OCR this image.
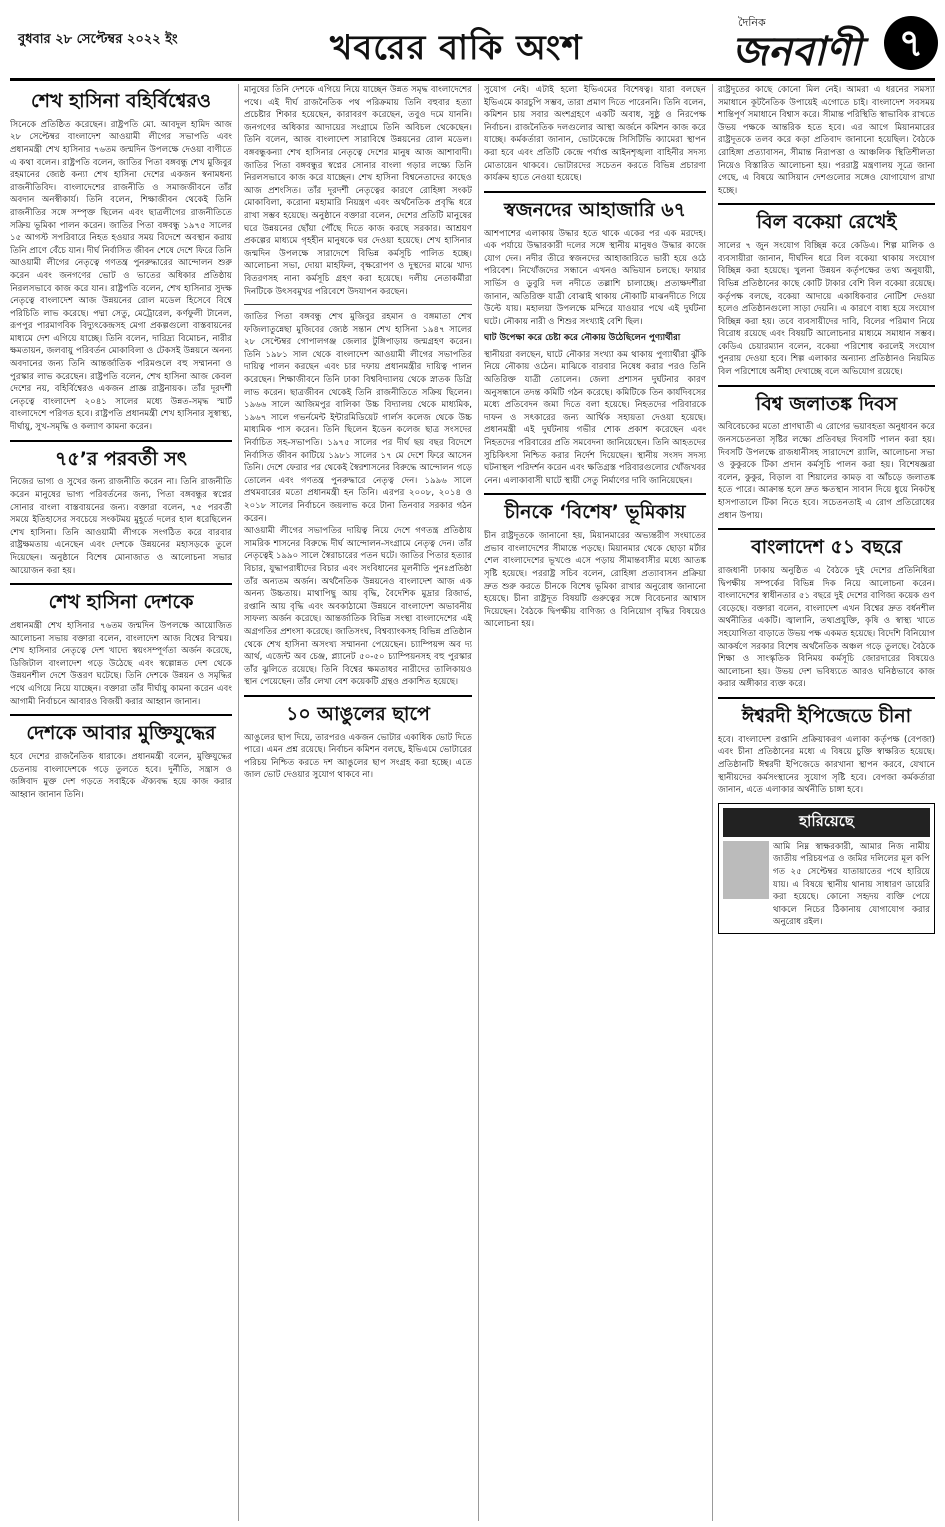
বুধবার ২৮ সেপ্টেম্বর ২০২২ ইং	খবরের বাকি অংশ
দৈনিক
জনবাণী ৭
শেখ হাসিনা বহির্বিশ্বেরও

সিনেকে প্রতিষ্ঠিত করেছেন। রাষ্ট্রপতি মো. আবদুল হামিদ আজ ২৮ সেপ্টেম্বর বাংলাদেশ আওয়ামী লীগের সভাপতি এবং প্রধানমন্ত্রী শেখ হাসিনার ৭৬তম জন্মদিন উপলক্ষে দেওয়া বাণীতে এ কথা বলেন। রাষ্ট্রপতি বলেন, জাতির পিতা বঙ্গবন্ধু শেখ মুজিবুর রহমানের জ্যেষ্ঠ কন্যা শেখ হাসিনা দেশের একজন স্বনামধন্য রাজনীতিবিদ। বাংলাদেশের রাজনীতি ও সমাজজীবনে তাঁর অবদান অনস্বীকার্য। তিনি বলেন, শিক্ষাজীবন থেকেই তিনি রাজনীতির সঙ্গে সম্পৃক্ত ছিলেন এবং ছাত্রলীগের রাজনীতিতে সক্রিয় ভূমিকা পালন করেন। জাতির পিতা বঙ্গবন্ধু ১৯৭৫ সালের ১৫ আগস্ট সপরিবারে নিহত হওয়ার সময় বিদেশে অবস্থান করায় তিনি প্রাণে বেঁচে যান। দীর্ঘ নির্বাসিত জীবন শেষে দেশে ফিরে তিনি আওয়ামী লীগের নেতৃত্বে গণতন্ত্র পুনরুদ্ধারের আন্দোলন শুরু করেন এবং জনগণের ভোট ও ভাতের অধিকার প্রতিষ্ঠায় নিরলসভাবে কাজ করে যান। রাষ্ট্রপতি বলেন, শেখ হাসিনার সুদক্ষ নেতৃত্বে বাংলাদেশ আজ উন্নয়নের রোল মডেল হিসেবে বিশ্বে পরিচিতি লাভ করেছে। পদ্মা সেতু, মেট্রোরেল, কর্ণফুলী টানেল, রূপপুর পারমাণবিক বিদ্যুৎকেন্দ্রসহ মেগা প্রকল্পগুলো বাস্তবায়নের মাধ্যমে দেশ এগিয়ে যাচ্ছে। তিনি বলেন, দারিদ্র্য বিমোচন, নারীর ক্ষমতায়ন, জলবায়ু পরিবর্তন মোকাবিলা ও টেকসই উন্নয়নে অনন্য অবদানের জন্য তিনি আন্তর্জাতিক পরিমণ্ডলে বহু সম্মাননা ও পুরস্কার লাভ করেছেন। রাষ্ট্রপতি বলেন, শেখ হাসিনা আজ কেবল দেশের নয়, বহির্বিশ্বেরও একজন প্রাজ্ঞ রাষ্ট্রনায়ক। তাঁর দূরদর্শী নেতৃত্বে বাংলাদেশ ২০৪১ সালের মধ্যে উন্নত-সমৃদ্ধ স্মার্ট বাংলাদেশে পরিণত হবে। রাষ্ট্রপতি প্রধানমন্ত্রী শেখ হাসিনার সুস্বাস্থ্য, দীর্ঘায়ু, সুখ-সমৃদ্ধি ও কল্যাণ কামনা করেন।

৭৫’র পরবর্তী সৎ

নিজের ভাগ্য ও সুখের জন্য রাজনীতি করেন না। তিনি রাজনীতি করেন মানুষের ভাগ্য পরিবর্তনের জন্য, পিতা বঙ্গবন্ধুর স্বপ্নের সোনার বাংলা বাস্তবায়নের জন্য। বক্তারা বলেন, ৭৫ পরবর্তী সময়ে ইতিহাসের সবচেয়ে সংকটময় মুহূর্তে দলের হাল ধরেছিলেন শেখ হাসিনা। তিনি আওয়ামী লীগকে সংগঠিত করে বারবার রাষ্ট্রক্ষমতায় এনেছেন এবং দেশকে উন্নয়নের মহাসড়কে তুলে দিয়েছেন। অনুষ্ঠানে বিশেষ মোনাজাত ও আলোচনা সভার আয়োজন করা হয়।

শেখ হাসিনা দেশকে

প্রধানমন্ত্রী শেখ হাসিনার ৭৬তম জন্মদিন উপলক্ষে আয়োজিত আলোচনা সভায় বক্তারা বলেন, বাংলাদেশ আজ বিশ্বের বিস্ময়। শেখ হাসিনার নেতৃত্বে দেশ খাদ্যে স্বয়ংসম্পূর্ণতা অর্জন করেছে, ডিজিটাল বাংলাদেশ গড়ে উঠেছে এবং স্বল্পোন্নত দেশ থেকে উন্নয়নশীল দেশে উত্তরণ ঘটেছে। তিনি দেশকে উন্নয়ন ও সমৃদ্ধির পথে এগিয়ে নিয়ে যাচ্ছেন। বক্তারা তাঁর দীর্ঘায়ু কামনা করেন এবং আগামী নির্বাচনে আবারও বিজয়ী করার আহ্বান জানান।

দেশকে আবার মুক্তিযুদ্ধের

হবে দেশের রাজনৈতিক ধারাকে। প্রধানমন্ত্রী বলেন, মুক্তিযুদ্ধের চেতনায় বাংলাদেশকে গড়ে তুলতে হবে। দুর্নীতি, সন্ত্রাস ও জঙ্গিবাদ মুক্ত দেশ গড়তে সবাইকে ঐক্যবদ্ধ হয়ে কাজ করার আহ্বান জানান তিনি।

মানুষের তিনি দেশকে এগিয়ে নিয়ে যাচ্ছেন উন্নত সমৃদ্ধ বাংলাদেশের পথে। এই দীর্ঘ রাজনৈতিক পথ পরিক্রমায় তিনি বহুবার হত্যা প্রচেষ্টার শিকার হয়েছেন, কারাবরণ করেছেন, তবুও দমে যাননি। জনগণের অধিকার আদায়ের সংগ্রামে তিনি অবিচল থেকেছেন। তিনি বলেন, আজ বাংলাদেশ সারাবিশ্বে উন্নয়নের রোল মডেল। বঙ্গবন্ধুকন্যা শেখ হাসিনার নেতৃত্বে দেশের মানুষ আজ আশাবাদী। জাতির পিতা বঙ্গবন্ধুর স্বপ্নের সোনার বাংলা গড়ার লক্ষ্যে তিনি নিরলসভাবে কাজ করে যাচ্ছেন। শেখ হাসিনা বিশ্বনেতাদের কাছেও আজ প্রশংসিত। তাঁর দূরদর্শী নেতৃত্বের কারণে রোহিঙ্গা সংকট মোকাবিলা, করোনা মহামারি নিয়ন্ত্রণ এবং অর্থনৈতিক প্রবৃদ্ধি ধরে রাখা সম্ভব হয়েছে। অনুষ্ঠানে বক্তারা বলেন, দেশের প্রতিটি মানুষের ঘরে উন্নয়নের ছোঁয়া পৌঁছে দিতে কাজ করছে সরকার। আশ্রয়ণ প্রকল্পের মাধ্যমে গৃহহীন মানুষকে ঘর দেওয়া হয়েছে। শেখ হাসিনার জন্মদিন উপলক্ষে সারাদেশে বিভিন্ন কর্মসূচি পালিত হচ্ছে। আলোচনা সভা, দোয়া মাহফিল, বৃক্ষরোপণ ও দুস্থদের মাঝে খাদ্য বিতরণসহ নানা কর্মসূচি গ্রহণ করা হয়েছে। দলীয় নেতাকর্মীরা দিনটিকে উৎসবমুখর পরিবেশে উদযাপন করছেন।

জাতির পিতা বঙ্গবন্ধু শেখ মুজিবুর রহমান ও বঙ্গমাতা শেখ ফজিলাতুন্নেছা মুজিবের জ্যেষ্ঠ সন্তান শেখ হাসিনা ১৯৪৭ সালের ২৮ সেপ্টেম্বর গোপালগঞ্জ জেলার টুঙ্গিপাড়ায় জন্মগ্রহণ করেন। তিনি ১৯৮১ সাল থেকে বাংলাদেশ আওয়ামী লীগের সভাপতির দায়িত্ব পালন করছেন এবং চার দফায় প্রধানমন্ত্রীর দায়িত্ব পালন করেছেন। শিক্ষাজীবনে তিনি ঢাকা বিশ্ববিদ্যালয় থেকে স্নাতক ডিগ্রি লাভ করেন। ছাত্রজীবন থেকেই তিনি রাজনীতিতে সক্রিয় ছিলেন। ১৯৬৬ সালে আজিমপুর বালিকা উচ্চ বিদ্যালয় থেকে মাধ্যমিক, ১৯৬৭ সালে গভর্নমেন্ট ইন্টারমিডিয়েট গার্লস কলেজ থেকে উচ্চ মাধ্যমিক পাস করেন। তিনি ছিলেন ইডেন কলেজ ছাত্র সংসদের নির্বাচিত সহ-সভাপতি। ১৯৭৫ সালের পর দীর্ঘ ছয় বছর বিদেশে নির্বাসিত জীবন কাটিয়ে ১৯৮১ সালের ১৭ মে দেশে ফিরে আসেন তিনি। দেশে ফেরার পর থেকেই স্বৈরশাসনের বিরুদ্ধে আন্দোলন গড়ে তোলেন এবং গণতন্ত্র পুনরুদ্ধারে নেতৃত্ব দেন। ১৯৯৬ সালে প্রথমবারের মতো প্রধানমন্ত্রী হন তিনি। এরপর ২০০৮, ২০১৪ ও ২০১৮ সালের নির্বাচনে জয়লাভ করে টানা তিনবার সরকার গঠন করেন।

আওয়ামী লীগের সভাপতির দায়িত্ব নিয়ে দেশে গণতন্ত্র প্রতিষ্ঠায় সামরিক শাসনের বিরুদ্ধে দীর্ঘ আন্দোলন-সংগ্রামে নেতৃত্ব দেন। তাঁর নেতৃত্বেই ১৯৯০ সালে স্বৈরাচারের পতন ঘটে। জাতির পিতার হত্যার বিচার, যুদ্ধাপরাধীদের বিচার এবং সংবিধানের মূলনীতি পুনঃপ্রতিষ্ঠা তাঁর অন্যতম অর্জন। অর্থনৈতিক উন্নয়নেও বাংলাদেশ আজ এক অনন্য উচ্চতায়। মাথাপিছু আয় বৃদ্ধি, বৈদেশিক মুদ্রার রিজার্ভ, রপ্তানি আয় বৃদ্ধি এবং অবকাঠামো উন্নয়নে বাংলাদেশ অভাবনীয় সাফল্য অর্জন করেছে। আন্তর্জাতিক বিভিন্ন সংস্থা বাংলাদেশের এই অগ্রগতির প্রশংসা করেছে। জাতিসংঘ, বিশ্বব্যাংকসহ বিভিন্ন প্রতিষ্ঠান থেকে শেখ হাসিনা অসংখ্য সম্মাননা পেয়েছেন। চ্যাম্পিয়ন্স অব দ্য আর্থ, এজেন্ট অব চেঞ্জ, প্ল্যানেট ৫০-৫০ চ্যাম্পিয়নসহ বহু পুরস্কার তাঁর ঝুলিতে রয়েছে। তিনি বিশ্বের ক্ষমতাধর নারীদের তালিকায়ও স্থান পেয়েছেন। তাঁর লেখা বেশ কয়েকটি গ্রন্থও প্রকাশিত হয়েছে।

১০ আঙুলের ছাপে

আঙুলের ছাপ দিয়ে, তারপরও একজন ভোটার একাধিক ভোট দিতে পারে। এমন প্রশ্ন রয়েছে। নির্বাচন কমিশন বলছে, ইভিএমে ভোটারের পরিচয় নিশ্চিত করতে দশ আঙুলের ছাপ সংগ্রহ করা হচ্ছে। এতে জাল ভোট দেওয়ার সুযোগ থাকবে না।

সুযোগ নেই। এটাই হলো ইভিএমের বিশেষত্ব। যারা বলছেন ইভিএমে কারচুপি সম্ভব, তারা প্রমাণ দিতে পারেননি। তিনি বলেন, কমিশন চায় সবার অংশগ্রহণে একটি অবাধ, সুষ্ঠু ও নিরপেক্ষ নির্বাচন। রাজনৈতিক দলগুলোর আস্থা অর্জনে কমিশন কাজ করে যাচ্ছে। কর্মকর্তারা জানান, ভোটকেন্দ্রে সিসিটিভি ক্যামেরা স্থাপন করা হবে এবং প্রতিটি কেন্দ্রে পর্যাপ্ত আইনশৃঙ্খলা বাহিনীর সদস্য মোতায়েন থাকবে। ভোটারদের সচেতন করতে বিভিন্ন প্রচারণা কার্যক্রম হাতে নেওয়া হয়েছে।

স্বজনদের আহাজারি ৬৭

আশপাশের এলাকায় উদ্ধার হতে থাকে একের পর এক মরদেহ। এক পর্যায়ে উদ্ধারকারী দলের সঙ্গে স্থানীয় মানুষও উদ্ধার কাজে যোগ দেন। নদীর তীরে স্বজনদের আহাজারিতে ভারী হয়ে ওঠে পরিবেশ। নিখোঁজদের সন্ধানে এখনও অভিযান চলছে। ফায়ার সার্ভিস ও ডুবুরি দল নদীতে তল্লাশি চালাচ্ছে। প্রত্যক্ষদর্শীরা জানান, অতিরিক্ত যাত্রী বোঝাই থাকায় নৌকাটি মাঝনদীতে গিয়ে উল্টে যায়। মহালয়া উপলক্ষে মন্দিরে যাওয়ার পথে এই দুর্ঘটনা ঘটে। নৌকায় নারী ও শিশুর সংখ্যাই বেশি ছিল।

ঘাট উপেক্ষা করে চেষ্টা করে নৌকায় উঠেছিলেন পুণ্যার্থীরা

স্থানীয়রা বলছেন, ঘাটে নৌকার সংখ্যা কম থাকায় পুণ্যার্থীরা ঝুঁকি নিয়ে নৌকায় ওঠেন। মাঝিকে বারবার নিষেধ করার পরও তিনি অতিরিক্ত যাত্রী তোলেন। জেলা প্রশাসন দুর্ঘটনার কারণ অনুসন্ধানে তদন্ত কমিটি গঠন করেছে। কমিটিকে তিন কার্যদিবসের মধ্যে প্রতিবেদন জমা দিতে বলা হয়েছে। নিহতদের পরিবারকে দাফন ও সৎকারের জন্য আর্থিক সহায়তা দেওয়া হয়েছে। প্রধানমন্ত্রী এই দুর্ঘটনায় গভীর শোক প্রকাশ করেছেন এবং নিহতদের পরিবারের প্রতি সমবেদনা জানিয়েছেন। তিনি আহতদের সুচিকিৎসা নিশ্চিত করার নির্দেশ দিয়েছেন। স্থানীয় সংসদ সদস্য ঘটনাস্থল পরিদর্শন করেন এবং ক্ষতিগ্রস্ত পরিবারগুলোর খোঁজখবর নেন। এলাকাবাসী ঘাটে স্থায়ী সেতু নির্মাণের দাবি জানিয়েছেন।

চীনকে ‘বিশেষ’ ভূমিকায়

চীন রাষ্ট্রদূতকে জানানো হয়, মিয়ানমারের অভ্যন্তরীণ সংঘাতের প্রভাব বাংলাদেশের সীমান্তে পড়ছে। মিয়ানমার থেকে ছোড়া মর্টার শেল বাংলাদেশের ভূখণ্ডে এসে পড়ায় সীমান্তবাসীর মধ্যে আতঙ্ক সৃষ্টি হয়েছে। পররাষ্ট্র সচিব বলেন, রোহিঙ্গা প্রত্যাবাসন প্রক্রিয়া দ্রুত শুরু করতে চীনকে বিশেষ ভূমিকা রাখার অনুরোধ জানানো হয়েছে। চীনা রাষ্ট্রদূত বিষয়টি গুরুত্বের সঙ্গে বিবেচনার আশ্বাস দিয়েছেন। বৈঠকে দ্বিপক্ষীয় বাণিজ্য ও বিনিয়োগ বৃদ্ধির বিষয়েও আলোচনা হয়।

রাষ্ট্রদূতের কাছে কোনো মিল নেই। আমরা এ ধরনের সমস্যা সমাধানে কূটনৈতিক উপায়েই এগোতে চাই। বাংলাদেশ সবসময় শান্তিপূর্ণ সমাধানে বিশ্বাস করে। সীমান্ত পরিস্থিতি স্বাভাবিক রাখতে উভয় পক্ষকে আন্তরিক হতে হবে। এর আগে মিয়ানমারের রাষ্ট্রদূতকে তলব করে কড়া প্রতিবাদ জানানো হয়েছিল। বৈঠকে রোহিঙ্গা প্রত্যাবাসন, সীমান্ত নিরাপত্তা ও আঞ্চলিক স্থিতিশীলতা নিয়েও বিস্তারিত আলোচনা হয়। পররাষ্ট্র মন্ত্রণালয় সূত্রে জানা গেছে, এ বিষয়ে আসিয়ান দেশগুলোর সঙ্গেও যোগাযোগ রাখা হচ্ছে।

বিল বকেয়া রেখেই

সালের ৭ জুন সংযোগ বিচ্ছিন্ন করে কেডিএ। শিল্প মালিক ও ব্যবসায়ীরা জানান, দীর্ঘদিন ধরে বিল বকেয়া থাকায় সংযোগ বিচ্ছিন্ন করা হয়েছে। খুলনা উন্নয়ন কর্তৃপক্ষের তথ্য অনুযায়ী, বিভিন্ন প্রতিষ্ঠানের কাছে কোটি টাকার বেশি বিল বকেয়া রয়েছে। কর্তৃপক্ষ বলছে, বকেয়া আদায়ে একাধিকবার নোটিশ দেওয়া হলেও প্রতিষ্ঠানগুলো সাড়া দেয়নি। এ কারণে বাধ্য হয়ে সংযোগ বিচ্ছিন্ন করা হয়। তবে ব্যবসায়ীদের দাবি, বিলের পরিমাণ নিয়ে বিরোধ রয়েছে এবং বিষয়টি আলোচনার মাধ্যমে সমাধান সম্ভব। কেডিএ চেয়ারম্যান বলেন, বকেয়া পরিশোধ করলেই সংযোগ পুনরায় দেওয়া হবে। শিল্প এলাকার অন্যান্য প্রতিষ্ঠানও নিয়মিত বিল পরিশোধে অনীহা দেখাচ্ছে বলে অভিযোগ রয়েছে।

বিশ্ব জলাতঙ্ক দিবস

অবিবেচকের মতো প্রাণঘাতী এ রোগের ভয়াবহতা অনুধাবন করে জনসচেতনতা সৃষ্টির লক্ষ্যে প্রতিবছর দিবসটি পালন করা হয়। দিবসটি উপলক্ষে রাজধানীসহ সারাদেশে র‌্যালি, আলোচনা সভা ও কুকুরকে টিকা প্রদান কর্মসূচি পালন করা হয়। বিশেষজ্ঞরা বলেন, কুকুর, বিড়াল বা শিয়ালের কামড় বা আঁচড়ে জলাতঙ্ক হতে পারে। আক্রান্ত হলে দ্রুত ক্ষতস্থান সাবান দিয়ে ধুয়ে নিকটস্থ হাসপাতালে টিকা নিতে হবে। সচেতনতাই এ রোগ প্রতিরোধের প্রধান উপায়।

বাংলাদেশ ৫১ বছরে

রাজধানী ঢাকায় অনুষ্ঠিত এ বৈঠকে দুই দেশের প্রতিনিধিরা দ্বিপক্ষীয় সম্পর্কের বিভিন্ন দিক নিয়ে আলোচনা করেন। বাংলাদেশের স্বাধীনতার ৫১ বছরে দুই দেশের বাণিজ্য কয়েক গুণ বেড়েছে। বক্তারা বলেন, বাংলাদেশ এখন বিশ্বের দ্রুত বর্ধনশীল অর্থনীতির একটি। জ্বালানি, তথ্যপ্রযুক্তি, কৃষি ও স্বাস্থ্য খাতে সহযোগিতা বাড়াতে উভয় পক্ষ একমত হয়েছে। বিদেশি বিনিয়োগ আকর্ষণে সরকার বিশেষ অর্থনৈতিক অঞ্চল গড়ে তুলছে। বৈঠকে শিক্ষা ও সাংস্কৃতিক বিনিময় কর্মসূচি জোরদারের বিষয়েও আলোচনা হয়। উভয় দেশ ভবিষ্যতে আরও ঘনিষ্ঠভাবে কাজ করার অঙ্গীকার ব্যক্ত করে।

ঈশ্বরদী ইপিজেডে চীনা

হবে। বাংলাদেশ রপ্তানি প্রক্রিয়াকরণ এলাকা কর্তৃপক্ষ (বেপজা) এবং চীনা প্রতিষ্ঠানের মধ্যে এ বিষয়ে চুক্তি স্বাক্ষরিত হয়েছে। প্রতিষ্ঠানটি ঈশ্বরদী ইপিজেডে কারখানা স্থাপন করবে, যেখানে স্থানীয়দের কর্মসংস্থানের সুযোগ সৃষ্টি হবে। বেপজা কর্মকর্তারা জানান, এতে এলাকার অর্থনীতি চাঙ্গা হবে।

হারিয়েছে

আমি নিম্ন স্বাক্ষরকারী, আমার নিজ নামীয় জাতীয় পরিচয়পত্র ও জমির দলিলের মূল কপি গত ২৫ সেপ্টেম্বর যাতায়াতের পথে হারিয়ে যায়। এ বিষয়ে স্থানীয় থানায় সাধারণ ডায়েরি করা হয়েছে। কোনো সহৃদয় ব্যক্তি পেয়ে থাকলে নিচের ঠিকানায় যোগাযোগ করার অনুরোধ রইল।
